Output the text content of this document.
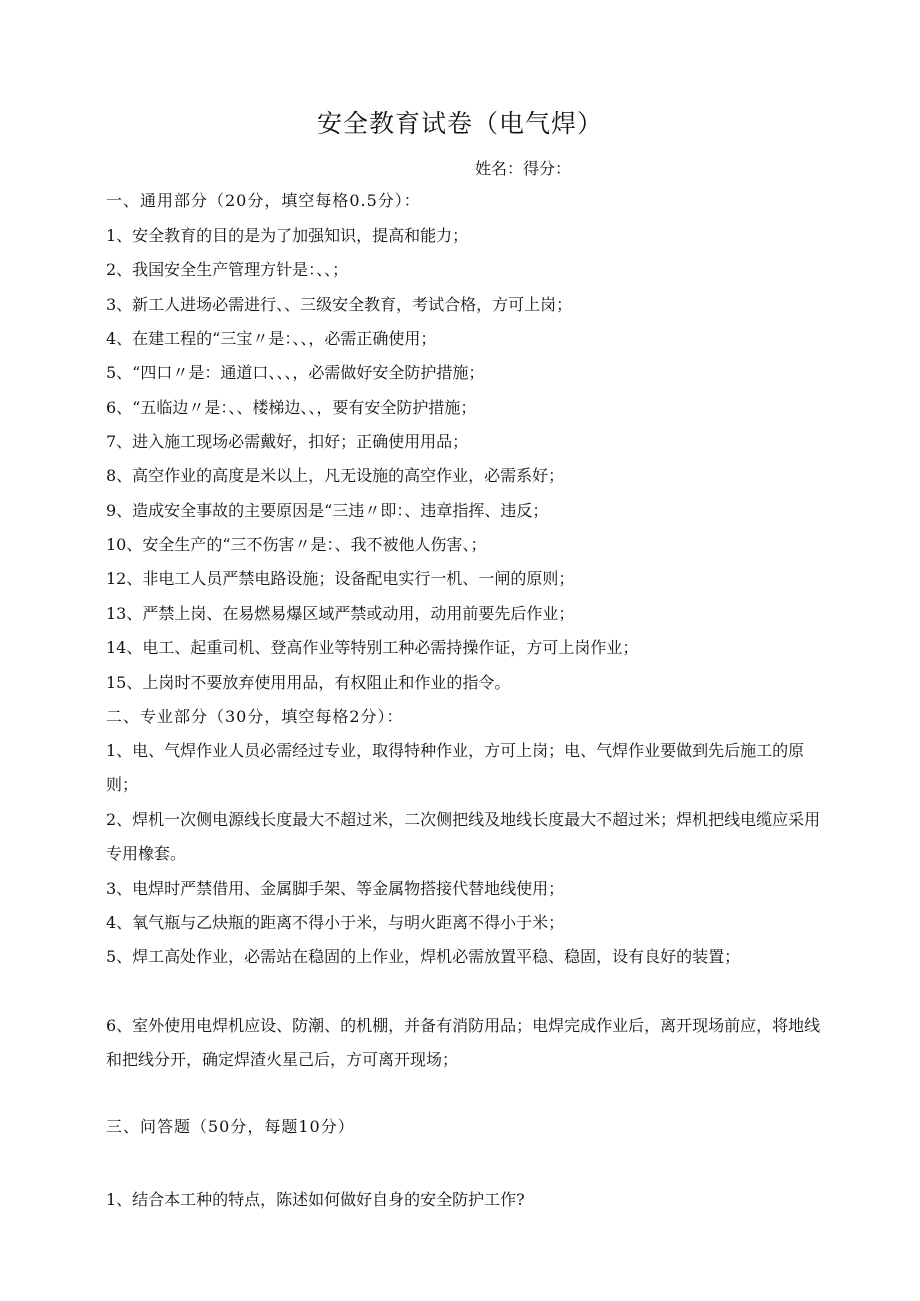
安全教育试卷（电气焊）
姓名：得分：
一、通用部分（20分，填空每格0.5分）：
1、安全教育的目的是为了加强知识，提高和能力；
2、我国安全生产管理方针是：、、；
3、新工人进场必需进行、、三级安全教育，考试合格，方可上岗；
4、在建工程的“三宝〃是：、、，必需正确使用；
5、“四口〃是：通道口、、、，必需做好安全防护措施；
6、“五临边〃是：、、楼梯边、、，要有安全防护措施；
7、进入施工现场必需戴好，扣好；正确使用用品；
8、高空作业的高度是米以上，凡无设施的高空作业，必需系好；
9、造成安全事故的主要原因是“三违〃即：、违章指挥、违反；
10、安全生产的“三不伤害〃是：、我不被他人伤害、；
12、非电工人员严禁电路设施；设备配电实行一机、一闸的原则；
13、严禁上岗、在易燃易爆区域严禁或动用，动用前要先后作业；
14、电工、起重司机、登高作业等特别工种必需持操作证，方可上岗作业；
15、上岗时不要放弃使用用品，有权阻止和作业的指令。
二、专业部分（30分，填空每格2分）：
1、电、气焊作业人员必需经过专业，取得特种作业，方可上岗；电、气焊作业要做到先后施工的原则；
2、焊机一次侧电源线长度最大不超过米，二次侧把线及地线长度最大不超过米；焊机把线电缆应采用专用橡套。
3、电焊时严禁借用、金属脚手架、等金属物搭接代替地线使用；
4、氧气瓶与乙炔瓶的距离不得小于米，与明火距离不得小于米；
5、焊工高处作业，必需站在稳固的上作业，焊机必需放置平稳、稳固，设有良好的装置；
6、室外使用电焊机应设、防潮、的机棚，并备有消防用品；电焊完成作业后，离开现场前应，将地线和把线分开，确定焊渣火星己后，方可离开现场；
三、问答题（50分，每题10分）
1、结合本工种的特点，陈述如何做好自身的安全防护工作?
